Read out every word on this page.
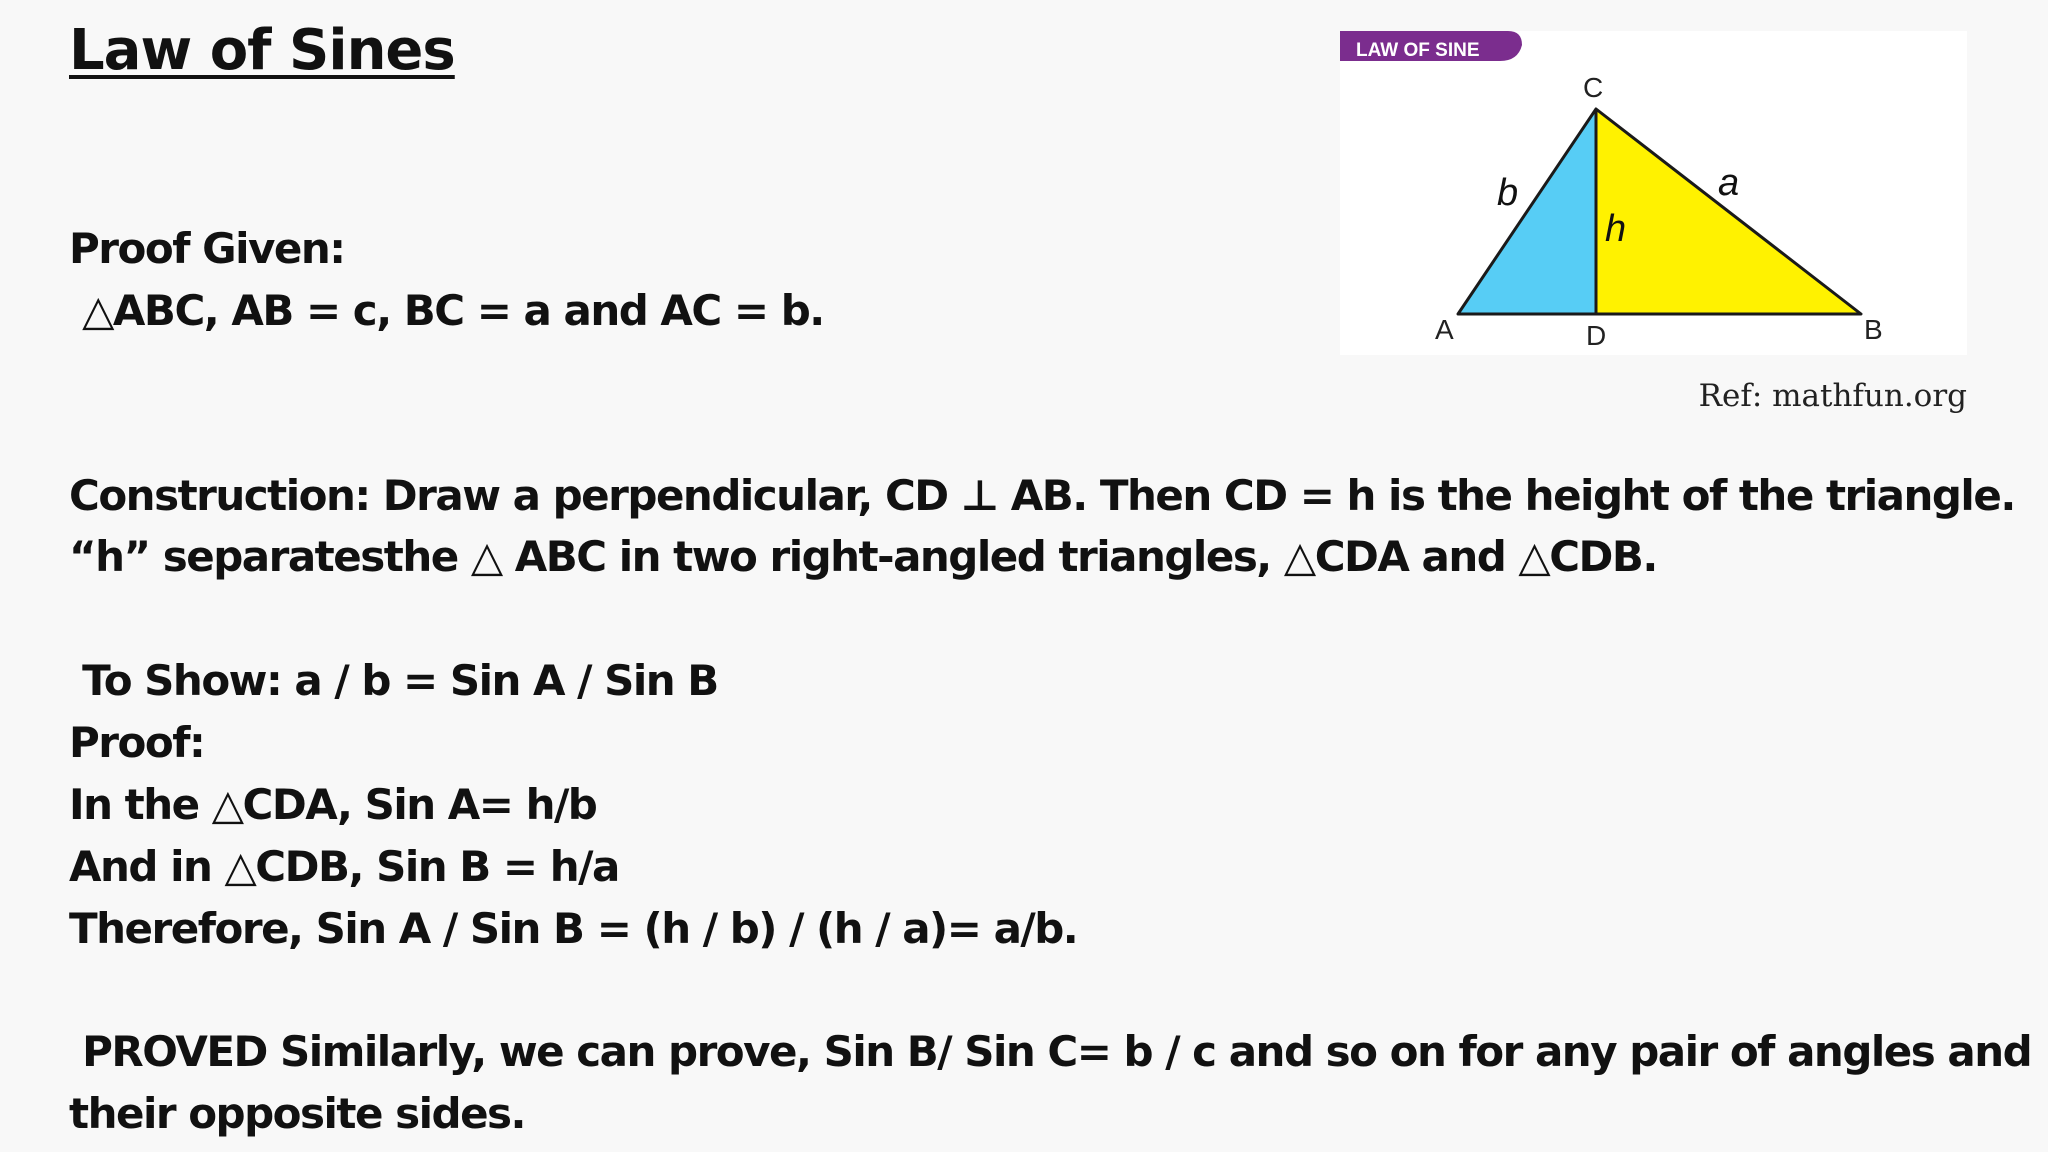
Law of Sines
Proof Given:
△ABC, AB = c, BC = a and AC = b.
LAW OF SINE
C
A	D	B
b
h
a
Ref: mathfun.org
Construction: Draw a perpendicular, CD ⊥ AB. Then CD = h is the height of the triangle.
“h” separatesthe △ ABC in two right-angled triangles, △CDA and △CDB.
To Show: a / b = Sin A / Sin B
Proof:
In the △CDA, Sin A= h/b
And in △CDB, Sin B = h/a
Therefore, Sin A / Sin B = (h / b) / (h / a)= a/b.
PROVED Similarly, we can prove, Sin B/ Sin C= b / c and so on for any pair of angles and
their opposite sides.
